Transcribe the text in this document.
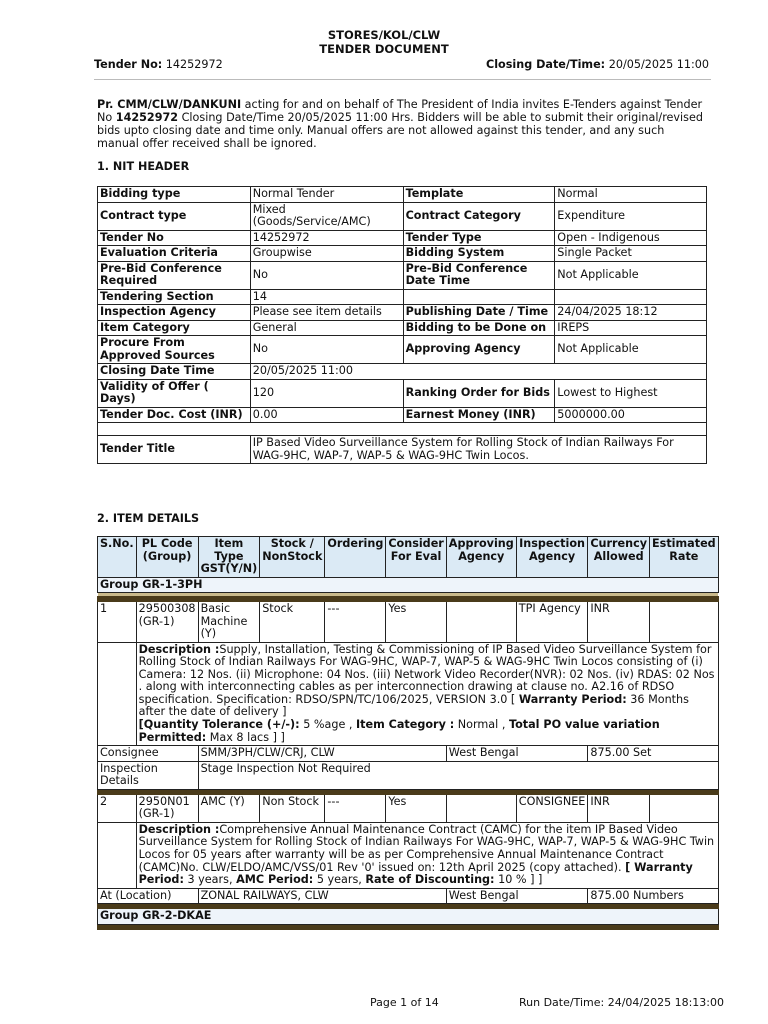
STORES/KOL/CLW
TENDER DOCUMENT
Tender No: 14252972	Closing Date/Time: 20/05/2025 11:00
Pr. CMM/CLW/DANKUNI acting for and on behalf of The President of India invites E-Tenders against Tender No 14252972 Closing Date/Time 20/05/2025 11:00 Hrs. Bidders will be able to submit their original/revised bids upto closing date and time only. Manual offers are not allowed against this tender, and any such manual offer received shall be ignored.
1. NIT HEADER
Bidding type	Normal Tender	Template	Normal
Contract type	Mixed (Goods/Service/AMC)	Contract Category	Expenditure
Tender No	14252972	Tender Type	Open - Indigenous
Evaluation Criteria	Groupwise	Bidding System	Single Packet
Pre-Bid Conference Required	No	Pre-Bid Conference Date Time	Not Applicable
Tendering Section	14		
Inspection Agency	Please see item details	Publishing Date / Time	24/04/2025 18:12
Item Category	General	Bidding to be Done on	IREPS
Procure From Approved Sources	No	Approving Agency	Not Applicable
Closing Date Time	20/05/2025 11:00		
Validity of Offer ( Days)	120	Ranking Order for Bids	Lowest to Highest
Tender Doc. Cost (INR)	0.00	Earnest Money (INR)	5000000.00

Tender Title	IP Based Video Surveillance System for Rolling Stock of Indian Railways For WAG-9HC, WAP-7, WAP-5 & WAG-9HC Twin Locos.		
2. ITEM DETAILS
S.No.	PL Code (Group)	Item Type GST(Y/N)	Stock / NonStock	Ordering	Consider For Eval	Approving Agency	Inspection Agency	Currency Allowed	Estimated Rate
Group GR-1-3PH									

1	29500308 (GR-1)	Basic Machine (Y)	Stock	---	Yes		TPI Agency	INR	
	Description :Supply, Installation, Testing & Commissioning of IP Based Video Surveillance System for Rolling Stock of Indian Railways For WAG-9HC, WAP-7, WAP-5 & WAG-9HC Twin Locos consisting of (i) Camera: 12 Nos. (ii) Microphone: 04 Nos. (iii) Network Video Recorder(NVR): 02 Nos. (iv) RDAS: 02 Nos . along with interconnecting cables as per interconnection drawing at clause no. A2.16 of RDSO specification. Specification: RDSO/SPN/TC/106/2025, VERSION 3.0 [ Warranty Period: 36 Months after the date of delivery ]
[Quantity Tolerance (+/-): 5 %age , Item Category : Normal , Total PO value variation Permitted: Max 8 lacs ] ]								
Consignee		SMM/3PH/CLW/CRJ, CLW				West Bengal		875.00 Set	
Inspection Details		Stage Inspection Not Required							

2	2950N01 (GR-1)	AMC (Y)	Non Stock	---	Yes		CONSIGNEE	INR	
	Description :Comprehensive Annual Maintenance Contract (CAMC) for the item IP Based Video Surveillance System for Rolling Stock of Indian Railways For WAG-9HC, WAP-7, WAP-5 & WAG-9HC Twin Locos for 05 years after warranty will be as per Comprehensive Annual Maintenance Contract (CAMC)No. CLW/ELDO/AMC/VSS/01 Rev '0' issued on: 12th April 2025 (copy attached). [ Warranty Period: 3 years, AMC Period: 5 years, Rate of Discounting: 10 % ] ]								
At (Location)		ZONAL RAILWAYS, CLW				West Bengal		875.00 Numbers	

Group GR-2-DKAE									

Page 1 of 14	Run Date/Time: 24/04/2025 18:13:00
